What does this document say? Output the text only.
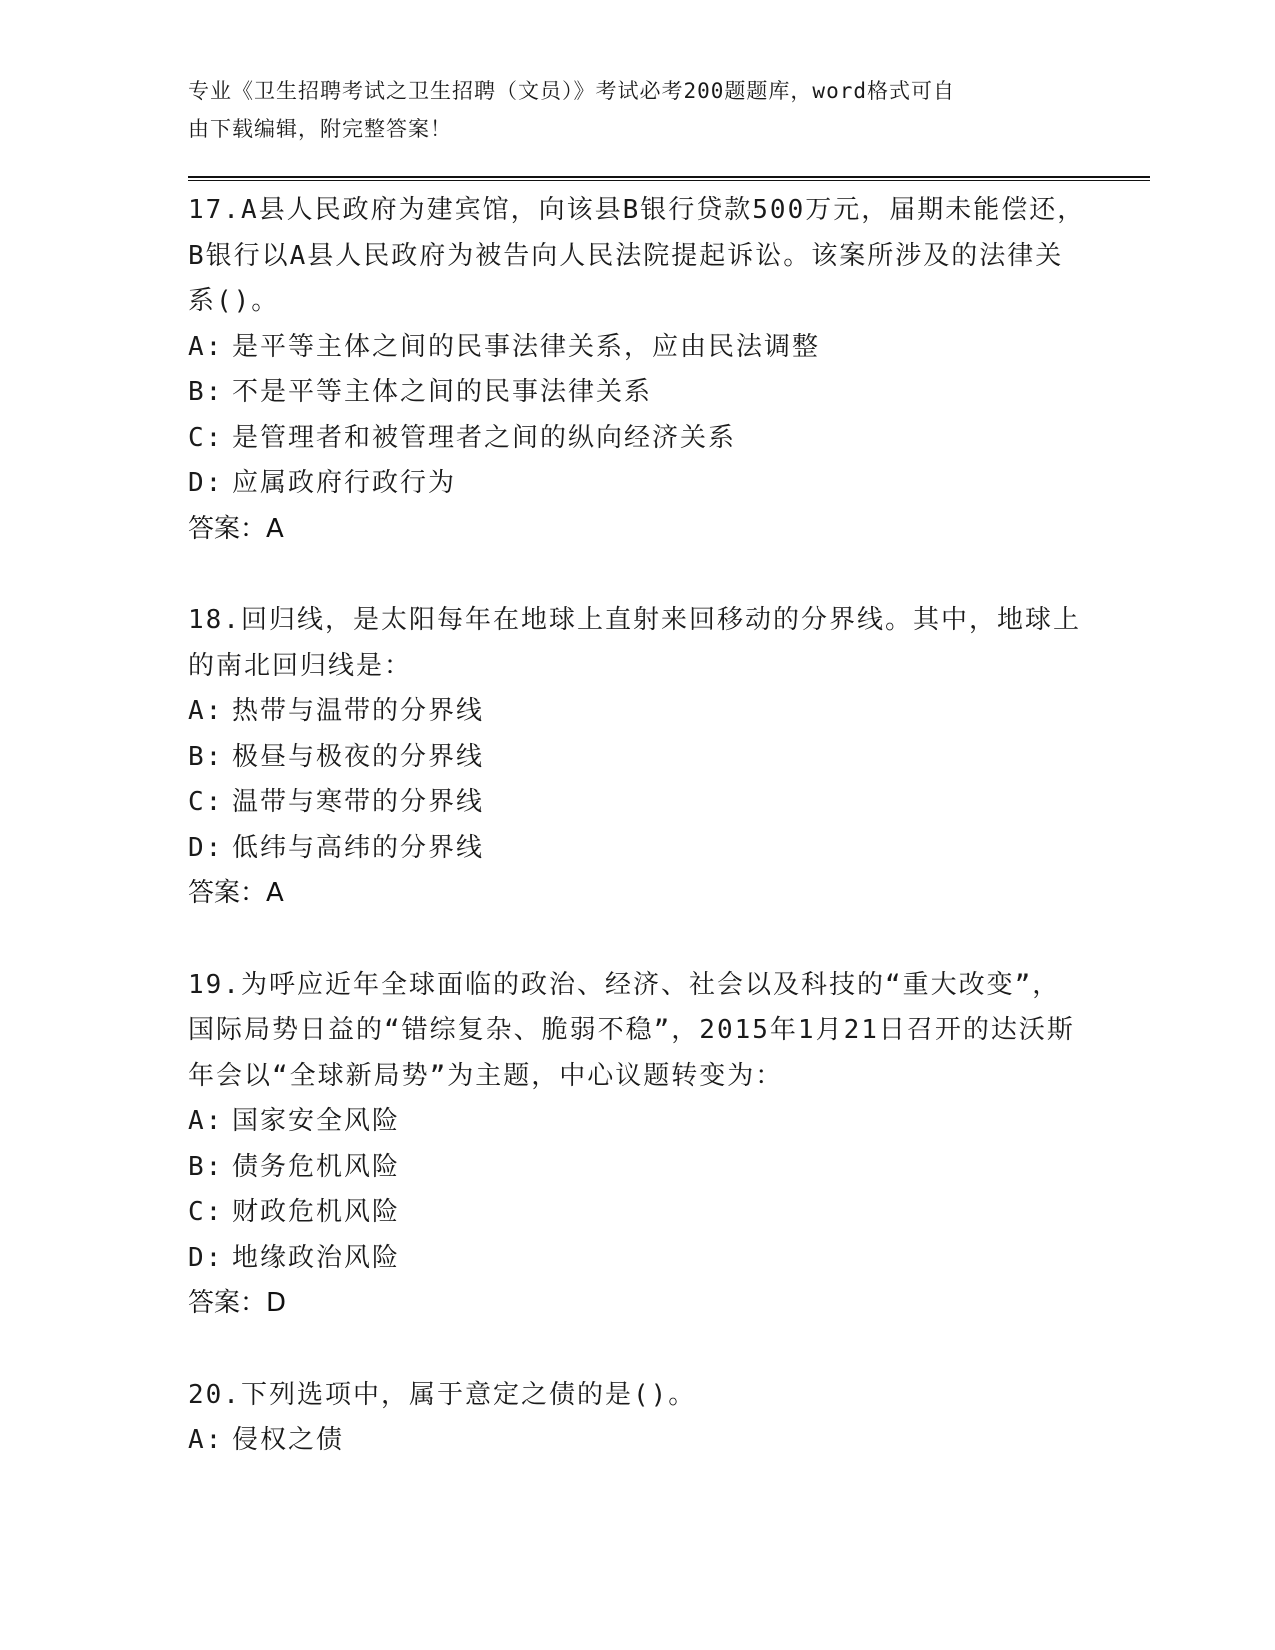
专业《卫生招聘考试之卫生招聘（文员）》考试必考200题题库，word格式可自
由下载编辑，附完整答案！

17.A县人民政府为建宾馆，向该县B银行贷款500万元，届期未能偿还，B银行以A县人民政府为被告向人民法院提起诉讼。该案所涉及的法律关系()。

A: 是平等主体之间的民事法律关系，应由民法调整
B: 不是平等主体之间的民事法律关系
C: 是管理者和被管理者之间的纵向经济关系
D: 应属政府行政行为
答案：A

18.回归线，是太阳每年在地球上直射来回移动的分界线。其中，地球上的南北回归线是：

A: 热带与温带的分界线
B: 极昼与极夜的分界线
C: 温带与寒带的分界线
D: 低纬与高纬的分界线
答案：A

19.为呼应近年全球面临的政治、经济、社会以及科技的“重大改变”，国际局势日益的“错综复杂、脆弱不稳”，2015年1月21日召开的达沃斯年会以“全球新局势”为主题，中心议题转变为：

A: 国家安全风险
B: 债务危机风险
C: 财政危机风险
D: 地缘政治风险
答案：D

20.下列选项中，属于意定之债的是()。

A: 侵权之债
